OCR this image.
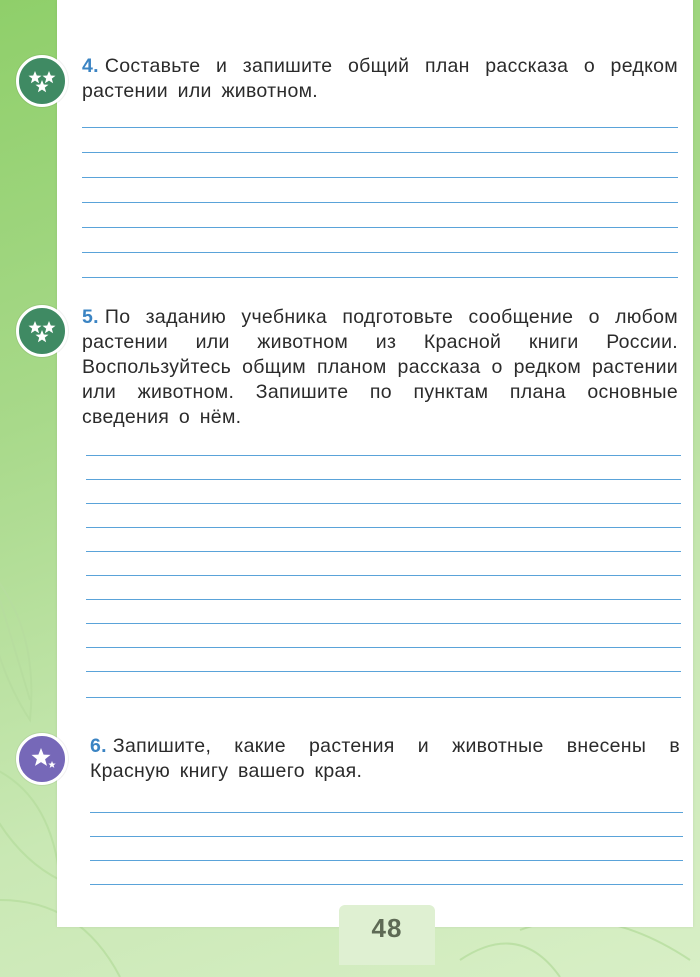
4. Составьте и запишите общий план рассказа о редком растении или животном.
5. По заданию учебника подготовьте сообщение о любом растении или животном из Красной книги России. Воспользуйтесь общим планом рассказа о редком растении или животном. Запишите по пунктам плана основные сведения о нём.
6. Запишите, какие растения и животные внесены в Красную книгу вашего края.
48
